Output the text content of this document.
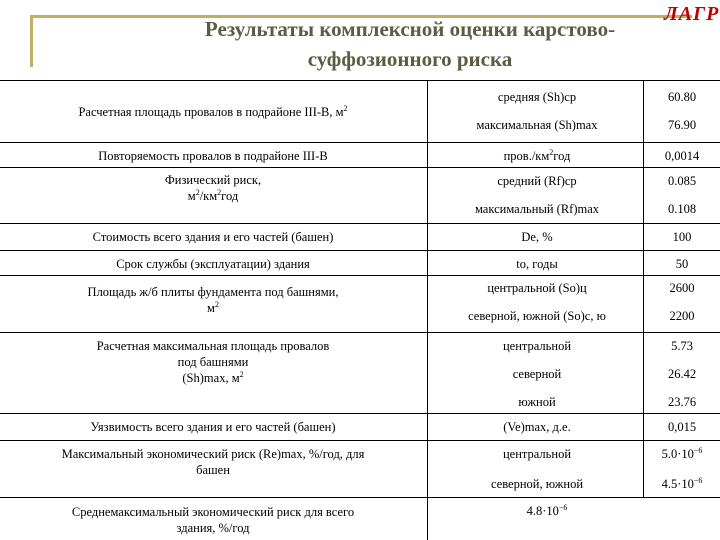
Результаты комплексной оценки карстово-
суффозионного риска
ЛАГР
Расчетная площадь провалов в подрайоне III-В, $м^2$
средняя (Sh)ср	60.80
максимальная (Sh)max	76.90
Повторяемость провалов в подрайоне III-В	$пров./км^2год$	0,0014
Физический риск,
$м^2/км^2год$
средний (Rf)ср	0.085
максимальный (Rf)max	0.108
Стоимость всего здания и его частей (башен)	De, %	100
Срок службы (эксплуатации) здания	to, годы	50
Площадь ж/б плиты фундамента под башнями,
$м^2$
центральной (So)ц	2600
северной, южной (So)с, ю	2200
Расчетная максимальная площадь провалов
под башнями
(Sh)max, $м^2$
центральной	5.73
северной	26.42
южной	23.76
Уязвимость всего здания и его частей (башен)	(Ve)max, д.е.	0,015
Максимальный экономический риск (Re)max, %/год, для
башен
центральной	$5.0\cdot 10^{-6}$
северной, южной	$4.5\cdot 10^{-6}$
Среднемаксимальный экономический риск для всего
здания, %/год
$4.8\cdot 10^{-6}$
